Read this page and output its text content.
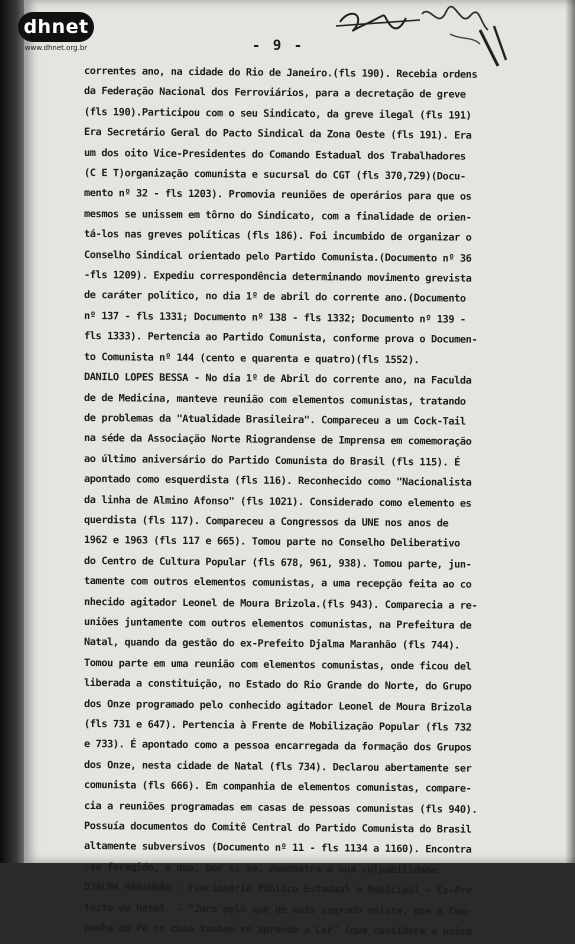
dhnet
www.dhnet.org.br	- 9 -
correntes ano, na cidade do Rio de Janeiro.(fls 190). Recebia ordens
da Federação Nacional dos Ferroviários, para a decretação de greve
(fls 190).Participou com o seu Sindicato, da greve ilegal (fls 191)
Era Secretário Geral do Pacto Sindical da Zona Oeste (fls 191). Era
um dos oito Vice-Presidentes do Comando Estadual dos Trabalhadores
(C E T)organização comunista e sucursal do CGT (fls 370,729)(Docu-
mento nº 32 - fls 1203). Promovia reuniões de operários para que os
mesmos se unissem em tôrno do Sindicato, com a finalidade de orien-
tá-los nas greves políticas (fls 186). Foi incumbido de organizar o
Conselho Sindical orientado pelo Partido Comunista.(Documento nº 36
-fls 1209). Expediu correspondência determinando movimento grevista
de caráter político, no dia 1º de abril do corrente ano.(Documento
nº 137 - fls 1331; Documento nº 138 - fls 1332; Documento nº 139 -
fls 1333). Pertencia ao Partido Comunista, conforme prova o Documen-
to Comunista nº 144 (cento e quarenta e quatro)(fls 1552).
DANILO LOPES BESSA - No dia 1º de Abril do corrente ano, na Faculda
de de Medicina, manteve reunião com elementos comunistas, tratando
de problemas da "Atualidade Brasileira". Compareceu a um Cock-Tail
na séde da Associação Norte Riograndense de Imprensa em comemoração
ao último aniversário do Partido Comunista do Brasil (fls 115). É
apontado como esquerdista (fls 116). Reconhecido como "Nacionalista
da linha de Almino Afonso" (fls 1021). Considerado como elemento es
querdista (fls 117). Compareceu a Congressos da UNE nos anos de
1962 e 1963 (fls 117 e 665). Tomou parte no Conselho Deliberativo
do Centro de Cultura Popular (fls 678, 961, 938). Tomou parte, jun-
tamente com outros elementos comunistas, a uma recepção feita ao co
nhecido agitador Leonel de Moura Brizola.(fls 943). Comparecia a re-
uniões juntamente com outros elementos comunistas, na Prefeitura de
Natal, quando da gestão do ex-Prefeito Djalma Maranhão (fls 744).
Tomou parte em uma reunião com elementos comunistas, onde ficou del
liberada a constituição, no Estado do Rio Grande do Norte, do Grupo
dos Onze programado pelo conhecido agitador Leonel de Moura Brizola
(fls 731 e 647). Pertencia à Frente de Mobilização Popular (fls 732
e 733). É apontado como a pessoa encarregada da formação dos Grupos
dos Onze, nesta cidade de Natal (fls 734). Declarou abertamente ser
comunista (fls 666). Em companhia de elementos comunistas, compare-
cia a reuniões programadas em casas de pessoas comunistas (fls 940).
Possuía documentos do Comitê Central do Partido Comunista do Brasil
altamente subversivos (Documento nº 11 - fls 1134 a 1160). Encontra
-se foragido, o que, por si só, demonstra a sua culpabilidade.
DJALMA MARANHÃO - Funcionário Público Estadual e Municipal - Ex-Pre
feito de Natal. - "Juro pelo que de mais sagrado existe, que a Cam-
panha de Pé no chão também se aprende a Ler" (que considera a única
